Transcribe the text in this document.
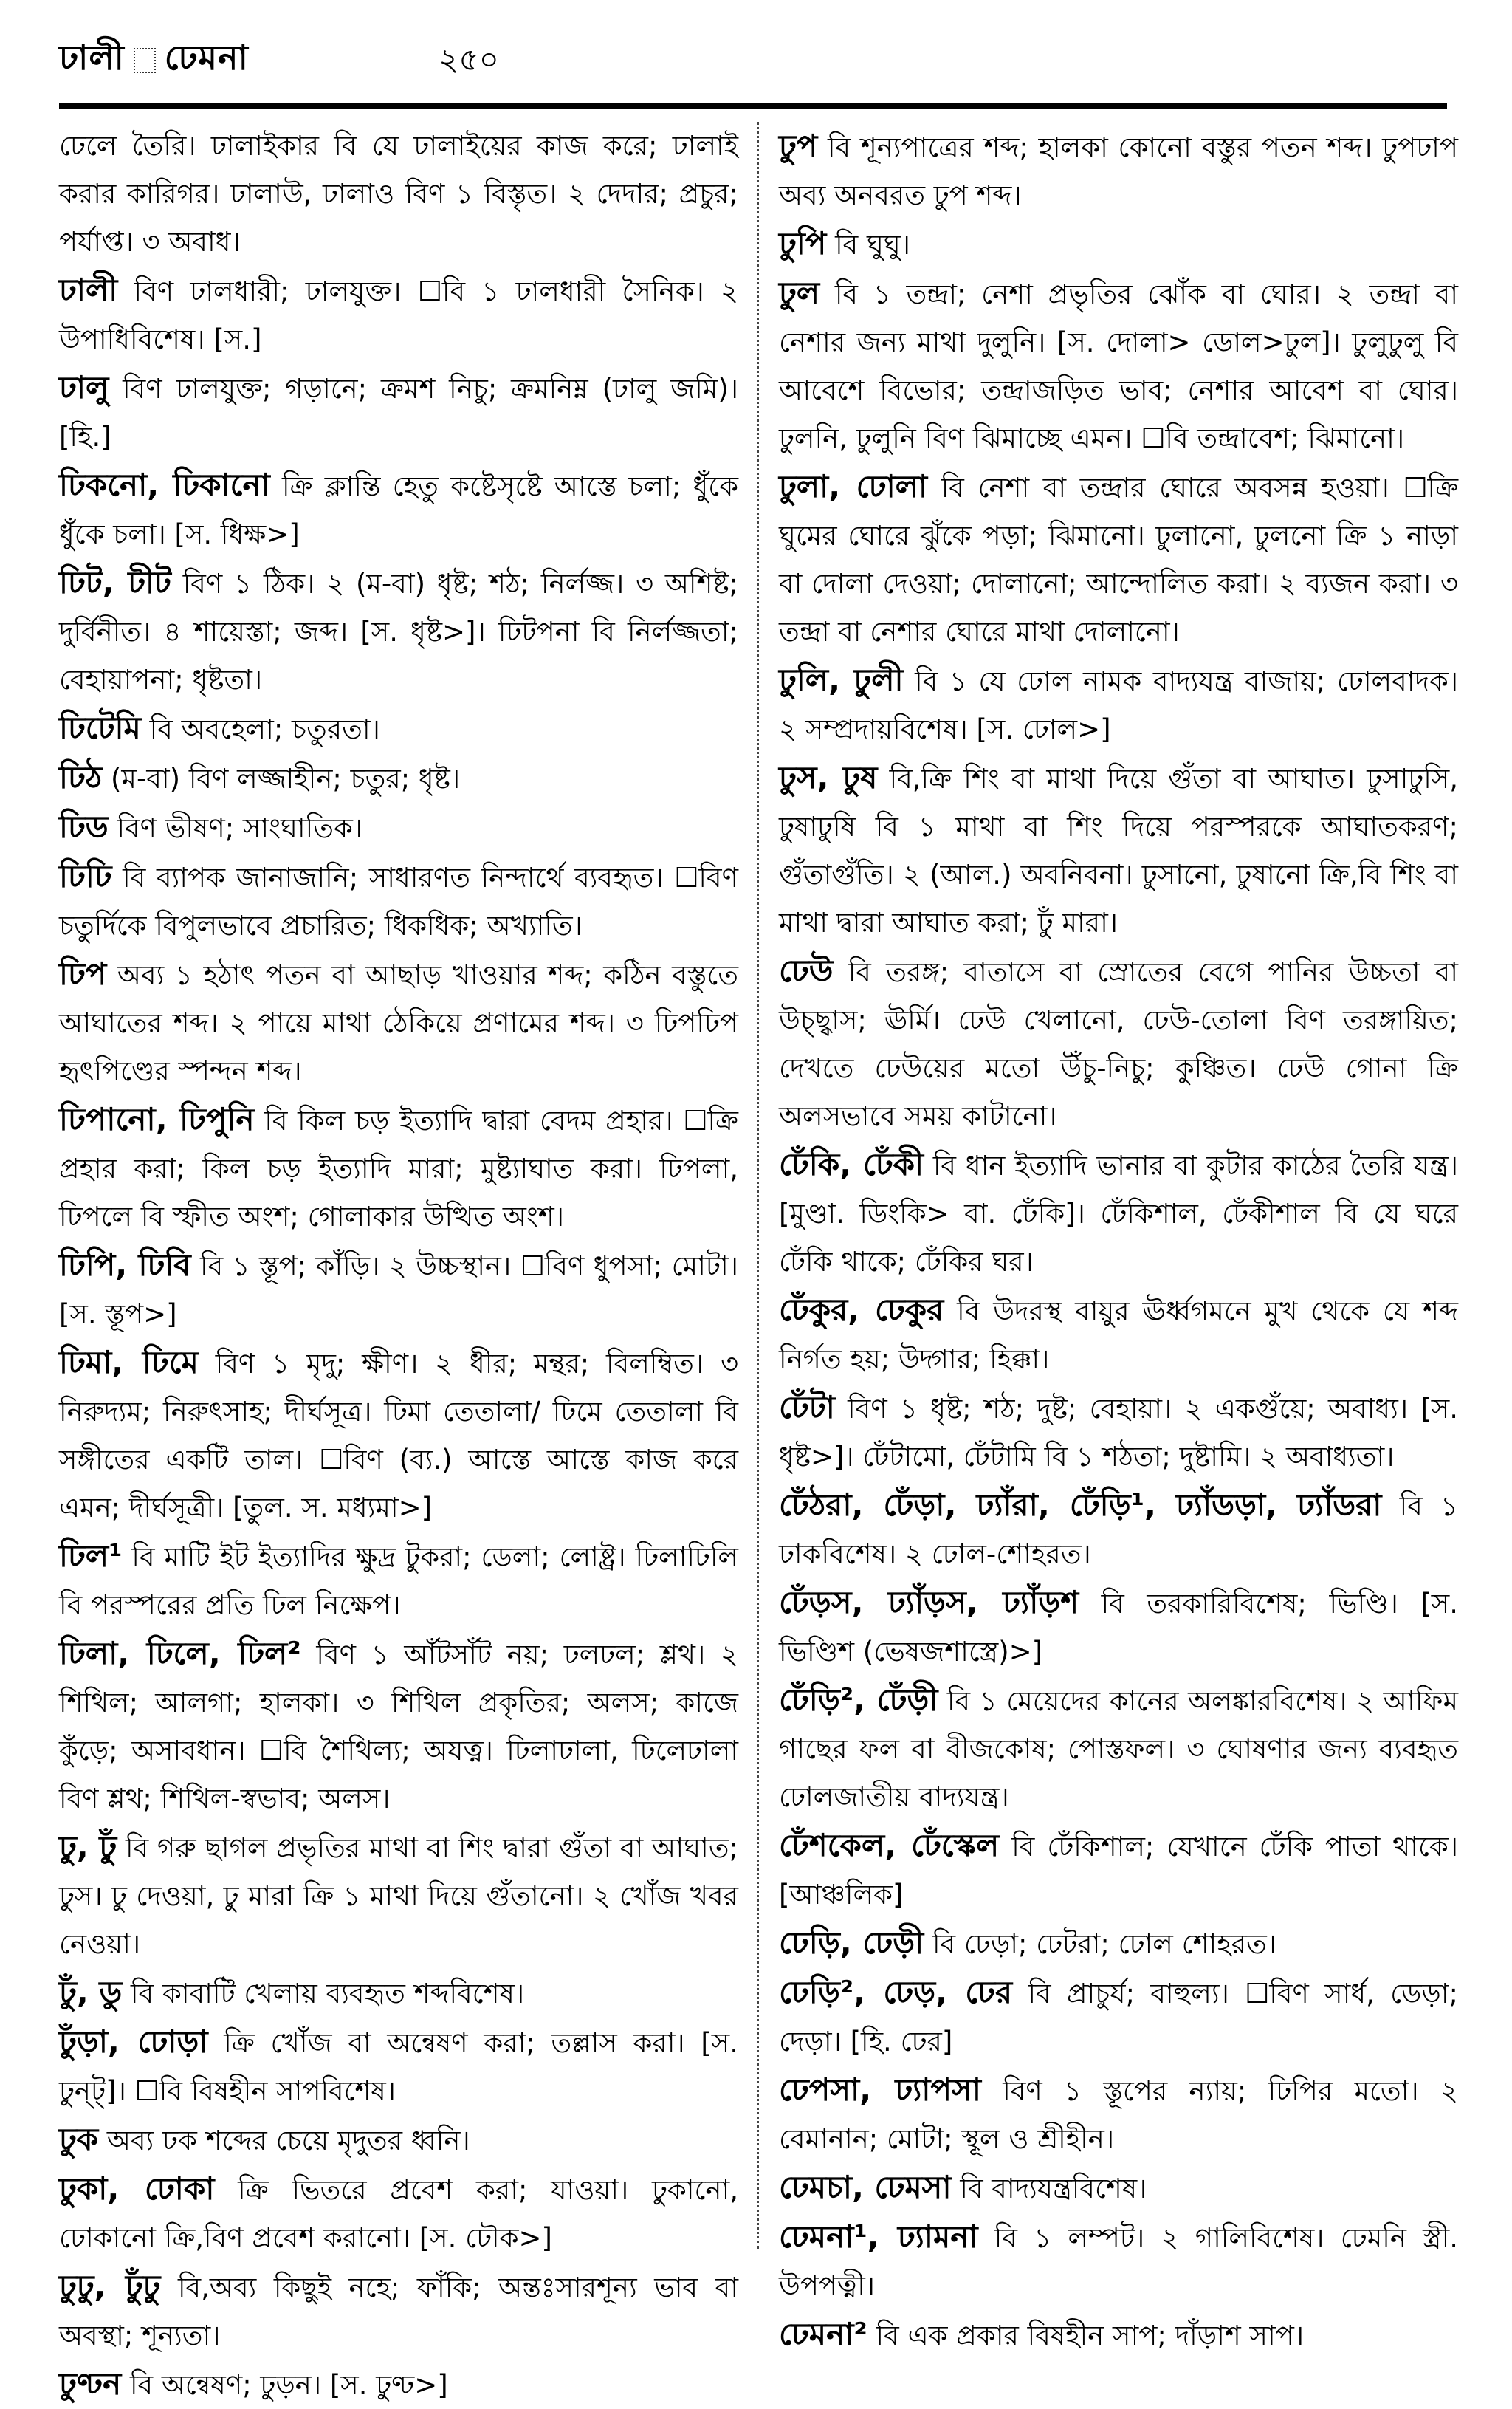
ঢালী ঢেমনা	২৫০

ঢেলে তৈরি। ঢালাইকার বি যে ঢালাইয়ের কাজ করে; ঢালাই করার কারিগর। ঢালাউ, ঢালাও বিণ ১ বিস্তৃত। ২ দেদার; প্রচুর; পর্যাপ্ত। ৩ অবাধ।

ঢালী বিণ ঢালধারী; ঢালযুক্ত। ☐বি ১ ঢালধারী সৈনিক। ২ উপাধিবিশেষ। [স.]

ঢালু বিণ ঢালযুক্ত; গড়ানে; ক্রমশ নিচু; ক্রমনিম্ন (ঢালু জমি)। [হি.]

ঢিকনো, ঢিকানো ক্রি ক্লান্তি হেতু কষ্টেসৃষ্টে আস্তে চলা; ধুঁকে ধুঁকে চলা। [স. ধিক্ষ>]

ঢিট, ঢীট বিণ ১ ঠিক। ২ (ম-বা) ধৃষ্ট; শঠ; নির্লজ্জ। ৩ অশিষ্ট; দুর্বিনীত। ৪ শায়েস্তা; জব্দ। [স. ধৃষ্ট>]। ঢিটপনা বি নির্লজ্জতা; বেহায়াপনা; ধৃষ্টতা।

ঢিটেমি বি অবহেলা; চতুরতা।

ঢিঠ (ম-বা) বিণ লজ্জাহীন; চতুর; ধৃষ্ট।

ঢিড বিণ ভীষণ; সাংঘাতিক।

ঢিঢি বি ব্যাপক জানাজানি; সাধারণত নিন্দার্থে ব্যবহৃত। ☐বিণ চতুর্দিকে বিপুলভাবে প্রচারিত; ধিকধিক; অখ্যাতি।

ঢিপ অব্য ১ হঠাৎ পতন বা আছাড় খাওয়ার শব্দ; কঠিন বস্তুতে আঘাতের শব্দ। ২ পায়ে মাথা ঠেকিয়ে প্রণামের শব্দ। ৩ ঢিপঢিপ হৃৎপিণ্ডের স্পন্দন শব্দ।

ঢিপানো, ঢিপুনি বি কিল চড় ইত্যাদি দ্বারা বেদম প্রহার। ☐ক্রি প্রহার করা; কিল চড় ইত্যাদি মারা; মুষ্ট্যাঘাত করা। ঢিপলা, ঢিপলে বি স্ফীত অংশ; গোলাকার উত্থিত অংশ।

ঢিপি, ঢিবি বি ১ স্তূপ; কাঁড়ি। ২ উচ্চস্থান। ☐বিণ ধুপসা; মোটা। [স. স্তূপ>]

ঢিমা, ঢিমে বিণ ১ মৃদু; ক্ষীণ। ২ ধীর; মন্থর; বিলম্বিত। ৩ নিরুদ্যম; নিরুৎসাহ; দীর্ঘসূত্র। ঢিমা তেতালা/ ঢিমে তেতালা বি সঙ্গীতের একটি তাল। ☐বিণ (ব্য.) আস্তে আস্তে কাজ করে এমন; দীর্ঘসূত্রী। [তুল. স. মধ্যমা>]

ঢিল¹ বি মাটি ইট ইত্যাদির ক্ষুদ্র টুকরা; ডেলা; লোষ্ট্র। ঢিলাঢিলি বি পরস্পরের প্রতি ঢিল নিক্ষেপ।

ঢিলা, ঢিলে, ঢিল² বিণ ১ আঁটসাঁট নয়; ঢলঢল; শ্লথ। ২ শিথিল; আলগা; হালকা। ৩ শিথিল প্রকৃতির; অলস; কাজে কুঁড়ে; অসাবধান। ☐বি শৈথিল্য; অযত্ন। ঢিলাঢালা, ঢিলেঢালা বিণ শ্লথ; শিথিল-স্বভাব; অলস।

ঢু, ঢুঁ বি গরু ছাগল প্রভৃতির মাথা বা শিং দ্বারা গুঁতা বা আঘাত; ঢুস। ঢু দেওয়া, ঢু মারা ক্রি ১ মাথা দিয়ে গুঁতানো। ২ খোঁজ খবর নেওয়া।

ঢুঁ, ডু বি কাবাটি খেলায় ব্যবহৃত শব্দবিশেষ।

ঢুঁড়া, ঢোড়া ক্রি খোঁজ বা অন্বেষণ করা; তল্লাস করা। [স. ঢুন্ট্]। ☐বি বিষহীন সাপবিশেষ।

ঢুক অব্য ঢক শব্দের চেয়ে মৃদুতর ধ্বনি।

ঢুকা, ঢোকা ক্রি ভিতরে প্রবেশ করা; যাওয়া। ঢুকানো, ঢোকানো ক্রি,বিণ প্রবেশ করানো। [স. ঢৌক>]

ঢুঢু, ঢুঁঢু বি,অব্য কিছুই নহে; ফাঁকি; অন্তঃসারশূন্য ভাব বা অবস্থা; শূন্যতা।

ঢুণ্ঢন বি অন্বেষণ; ঢুড়ন। [স. ঢুণ্ঢ>]

ঢুপ বি শূন্যপাত্রের শব্দ; হালকা কোনো বস্তুর পতন শব্দ। ঢুপঢাপ অব্য অনবরত ঢুপ শব্দ।

ঢুপি বি ঘুঘু।

ঢুল বি ১ তন্দ্রা; নেশা প্রভৃতির ঝোঁক বা ঘোর। ২ তন্দ্রা বা নেশার জন্য মাথা দুলুনি। [স. দোলা> ডোল>ঢুল]। ঢুলুঢুলু বি আবেশে বিভোর; তন্দ্রাজড়িত ভাব; নেশার আবেশ বা ঘোর। ঢুলনি, ঢুলুনি বিণ ঝিমাচ্ছে এমন। ☐বি তন্দ্রাবেশ; ঝিমানো।

ঢুলা, ঢোলা বি নেশা বা তন্দ্রার ঘোরে অবসন্ন হওয়া। ☐ক্রি ঘুমের ঘোরে ঝুঁকে পড়া; ঝিমানো। ঢুলানো, ঢুলনো ক্রি ১ নাড়া বা দোলা দেওয়া; দোলানো; আন্দোলিত করা। ২ ব্যজন করা। ৩ তন্দ্রা বা নেশার ঘোরে মাথা দোলানো।

ঢুলি, ঢুলী বি ১ যে ঢোল নামক বাদ্যযন্ত্র বাজায়; ঢোলবাদক। ২ সম্প্রদায়বিশেষ। [স. ঢোল>]

ঢুস, ঢুষ বি,ক্রি শিং বা মাথা দিয়ে গুঁতা বা আঘাত। ঢুসাঢুসি, ঢুষাঢুষি বি ১ মাথা বা শিং দিয়ে পরস্পরকে আঘাতকরণ; গুঁতাগুঁতি। ২ (আল.) অবনিবনা। ঢুসানো, ঢুষানো ক্রি,বি শিং বা মাথা দ্বারা আঘাত করা; ঢুঁ মারা।

ঢেউ বি তরঙ্গ; বাতাসে বা স্রোতের বেগে পানির উচ্চতা বা উচ্ছ্বাস; ঊর্মি। ঢেউ খেলানো, ঢেউ-তোলা বিণ তরঙ্গায়িত; দেখতে ঢেউয়ের মতো উঁচু-নিচু; কুঞ্চিত। ঢেউ গোনা ক্রি অলসভাবে সময় কাটানো।

ঢেঁকি, ঢেঁকী বি ধান ইত্যাদি ভানার বা কুটার কাঠের তৈরি যন্ত্র। [মুণ্ডা. ডিংকি> বা. ঢেঁকি]। ঢেঁকিশাল, ঢেঁকীশাল বি যে ঘরে ঢেঁকি থাকে; ঢেঁকির ঘর।

ঢেঁকুর, ঢেকুর বি উদরস্থ বায়ুর ঊর্ধ্বগমনে মুখ থেকে যে শব্দ নির্গত হয়; উদ্গার; হিক্কা।

ঢেঁটা বিণ ১ ধৃষ্ট; শঠ; দুষ্ট; বেহায়া। ২ একগুঁয়ে; অবাধ্য। [স. ধৃষ্ট>]। ঢেঁটামো, ঢেঁটামি বি ১ শঠতা; দুষ্টামি। ২ অবাধ্যতা।

ঢেঁঠরা, ঢেঁড়া, ঢ্যাঁরা, ঢেঁড়ি¹, ঢ্যাঁডড়া, ঢ্যাঁডরা বি ১ ঢাকবিশেষ। ২ ঢোল-শোহরত।

ঢেঁড়স, ঢ্যাঁড়স, ঢ্যাঁড়শ বি তরকারিবিশেষ; ভিণ্ডি। [স. ভিণ্ডিশ (ভেষজশাস্ত্রে)>]

ঢেঁড়ি², ঢেঁড়ী বি ১ মেয়েদের কানের অলঙ্কারবিশেষ। ২ আফিম গাছের ফল বা বীজকোষ; পোস্তফল। ৩ ঘোষণার জন্য ব্যবহৃত ঢোলজাতীয় বাদ্যযন্ত্র।

ঢেঁশকেল, ঢেঁস্কেল বি ঢেঁকিশাল; যেখানে ঢেঁকি পাতা থাকে। [আঞ্চলিক]

ঢেড়ি, ঢেড়ী বি ঢেড়া; ঢেটরা; ঢোল শোহরত।

ঢেড়ি², ঢেড়, ঢের বি প্রাচুর্য; বাহুল্য। ☐বিণ সার্ধ, ডেড়া; দেড়া। [হি. ঢের]

ঢেপসা, ঢ্যাপসা বিণ ১ স্তূপের ন্যায়; ঢিপির মতো। ২ বেমানান; মোটা; স্থূল ও শ্রীহীন।

ঢেমচা, ঢেমসা বি বাদ্যযন্ত্রবিশেষ।

ঢেমনা¹, ঢ্যামনা বি ১ লম্পট। ২ গালিবিশেষ। ঢেমনি স্ত্রী. উপপত্নী।

ঢেমনা² বি এক প্রকার বিষহীন সাপ; দাঁড়াশ সাপ।
